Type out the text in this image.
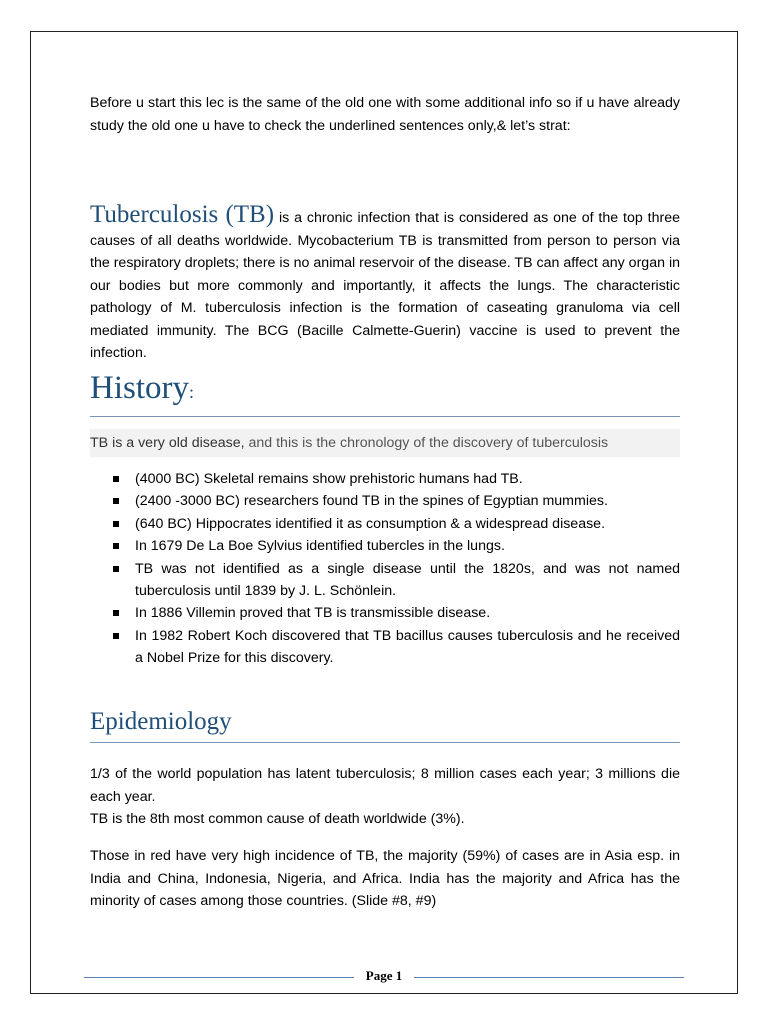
Before u start this lec is the same of the old one with some additional info so if u have already study the old one u have to check the underlined sentences only,& let’s strat:

Tuberculosis (TB) is a chronic infection that is considered as one of the top three causes of all deaths worldwide. Mycobacterium TB is transmitted from person to person via the respiratory droplets; there is no animal reservoir of the disease. TB can affect any organ in our bodies but more commonly and importantly, it affects the lungs. The characteristic pathology of M. tuberculosis infection is the formation of caseating granuloma via cell mediated immunity. The BCG (Bacille Calmette-Guerin) vaccine is used to prevent the infection.

History:
TB is a very old disease, and this is the chronology of the discovery of tuberculosis
(4000 BC) Skeletal remains show prehistoric humans had TB.
(2400 -3000 BC) researchers found TB in the spines of Egyptian mummies.
(640 BC) Hippocrates identified it as consumption & a widespread disease.
In 1679 De La Boe Sylvius identified tubercles in the lungs.
TB was not identified as a single disease until the 1820s, and was not named tuberculosis until 1839 by J. L. Schönlein.
In 1886 Villemin proved that TB is transmissible disease.
In 1982 Robert Koch discovered that TB bacillus causes tuberculosis and he received a Nobel Prize for this discovery.
Epidemiology

1/3 of the world population has latent tuberculosis; 8 million cases each year; 3 millions die each year.
TB is the 8th most common cause of death worldwide (3%).

Those in red have very high incidence of TB, the majority (59%) of cases are in Asia esp. in India and China, Indonesia, Nigeria, and Africa. India has the majority and Africa has the minority of cases among those countries. (Slide #8, #9)

Page 1
